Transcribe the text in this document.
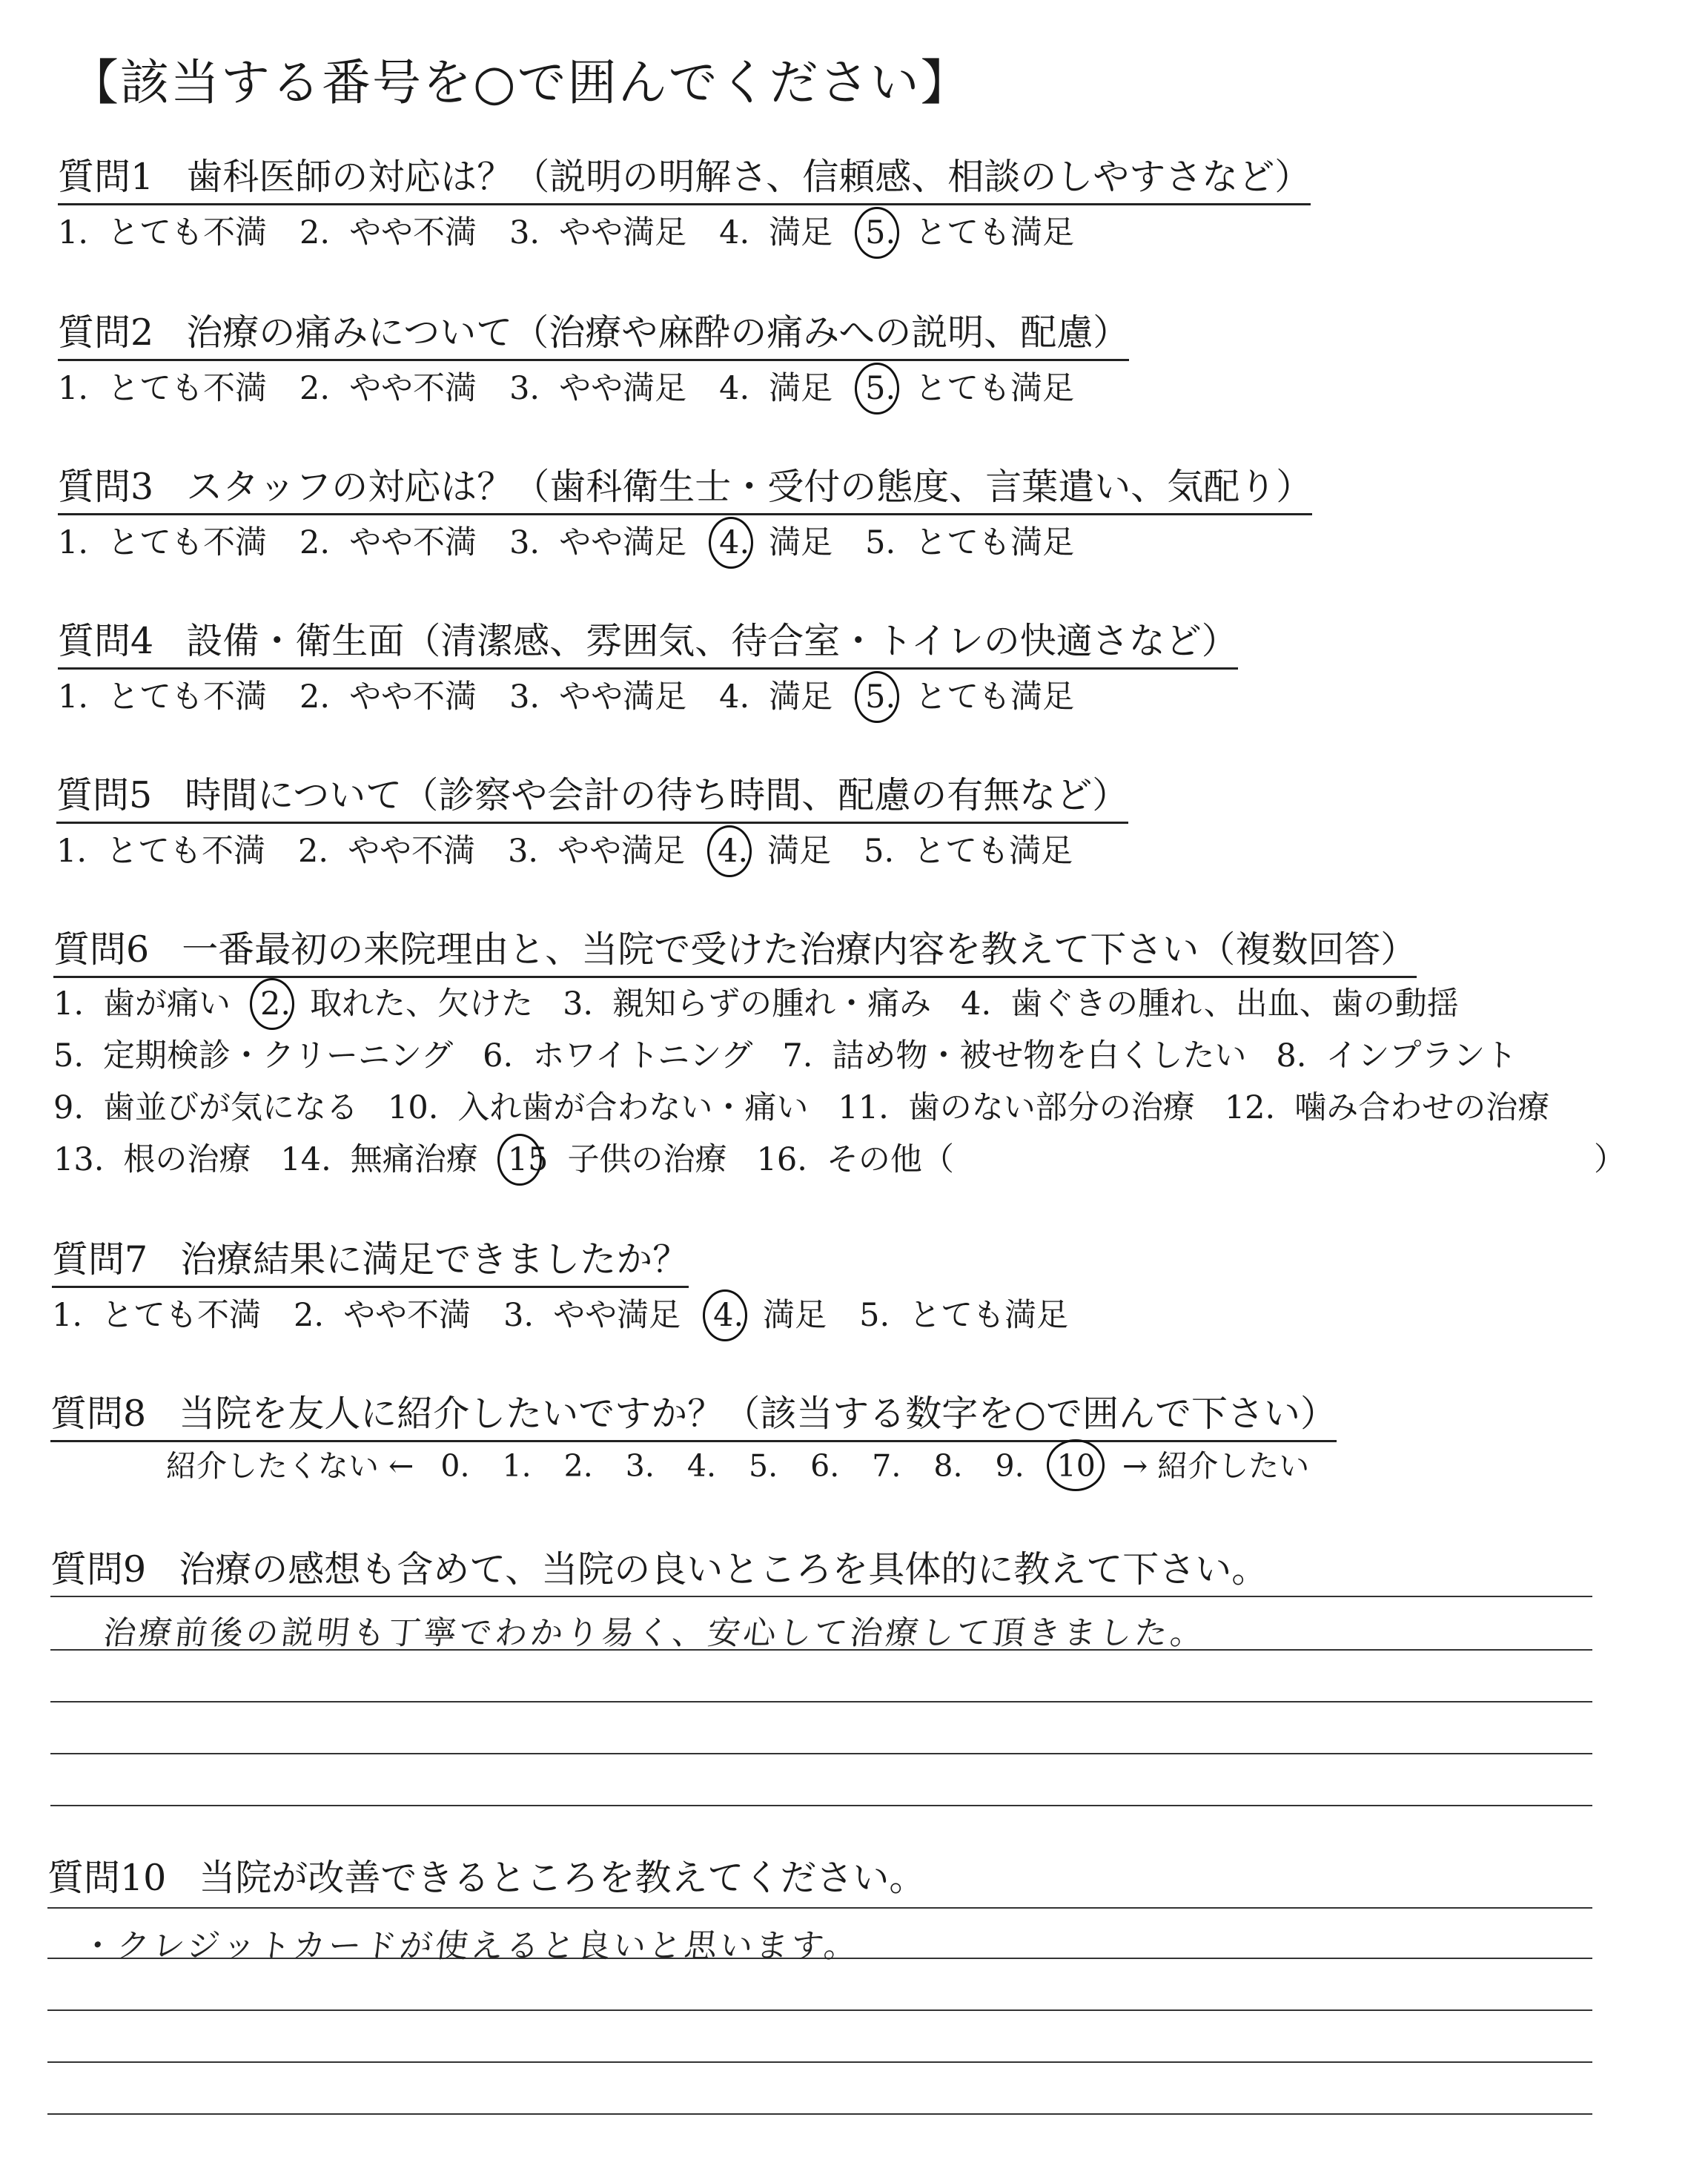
【該当する番号を○で囲んでください】
質問1 歯科医師の対応は？（説明の明解さ、信頼感、相談のしやすさなど）
質問2 治療の痛みについて（治療や麻酔の痛みへの説明、配慮）
質問3 スタッフの対応は？（歯科衛生士・受付の態度、言葉遣い、気配り）
質問4 設備・衛生面（清潔感、雰囲気、待合室・トイレの快適さなど）
質問5 時間について（診察や会計の待ち時間、配慮の有無など）
質問6 一番最初の来院理由と、当院で受けた治療内容を教えて下さい（複数回答）
質問7 治療結果に満足できましたか？
質問8 当院を友人に紹介したいですか？（該当する数字を○で囲んで下さい）
質問9 治療の感想も含めて、当院の良いところを具体的に教えて下さい。
質問10 当院が改善できるところを教えてください。
1. とても不満 2. やや不満 3. やや満足 4. 満足 5. とても満足
1. とても不満 2. やや不満 3. やや満足 4. 満足 5. とても満足
1. とても不満 2. やや不満 3. やや満足 4. 満足 5. とても満足
1. とても不満 2. やや不満 3. やや満足 4. 満足 5. とても満足
1. とても不満 2. やや不満 3. やや満足 4. 満足 5. とても満足
1. とても不満 2. やや不満 3. やや満足 4. 満足 5. とても満足
1. 歯が痛い 2. 取れた、欠けた 3. 親知らずの腫れ・痛み 4. 歯ぐきの腫れ、出血、歯の動揺
5. 定期検診・クリーニング 6. ホワイトニング 7. 詰め物・被せ物を白くしたい 8. インプラント
9. 歯並びが気になる 10. 入れ歯が合わない・痛い 11. 歯のない部分の治療 12. 噛み合わせの治療
13. 根の治療 14. 無痛治療 15 子供の治療 16. その他（	）
紹介したくない ← 0. 1. 2. 3. 4. 5. 6. 7. 8. 9. 10 → 紹介したい
治療前後の説明も丁寧でわかり易く、安心して治療して頂きました。
・クレジットカードが使えると良いと思います。
